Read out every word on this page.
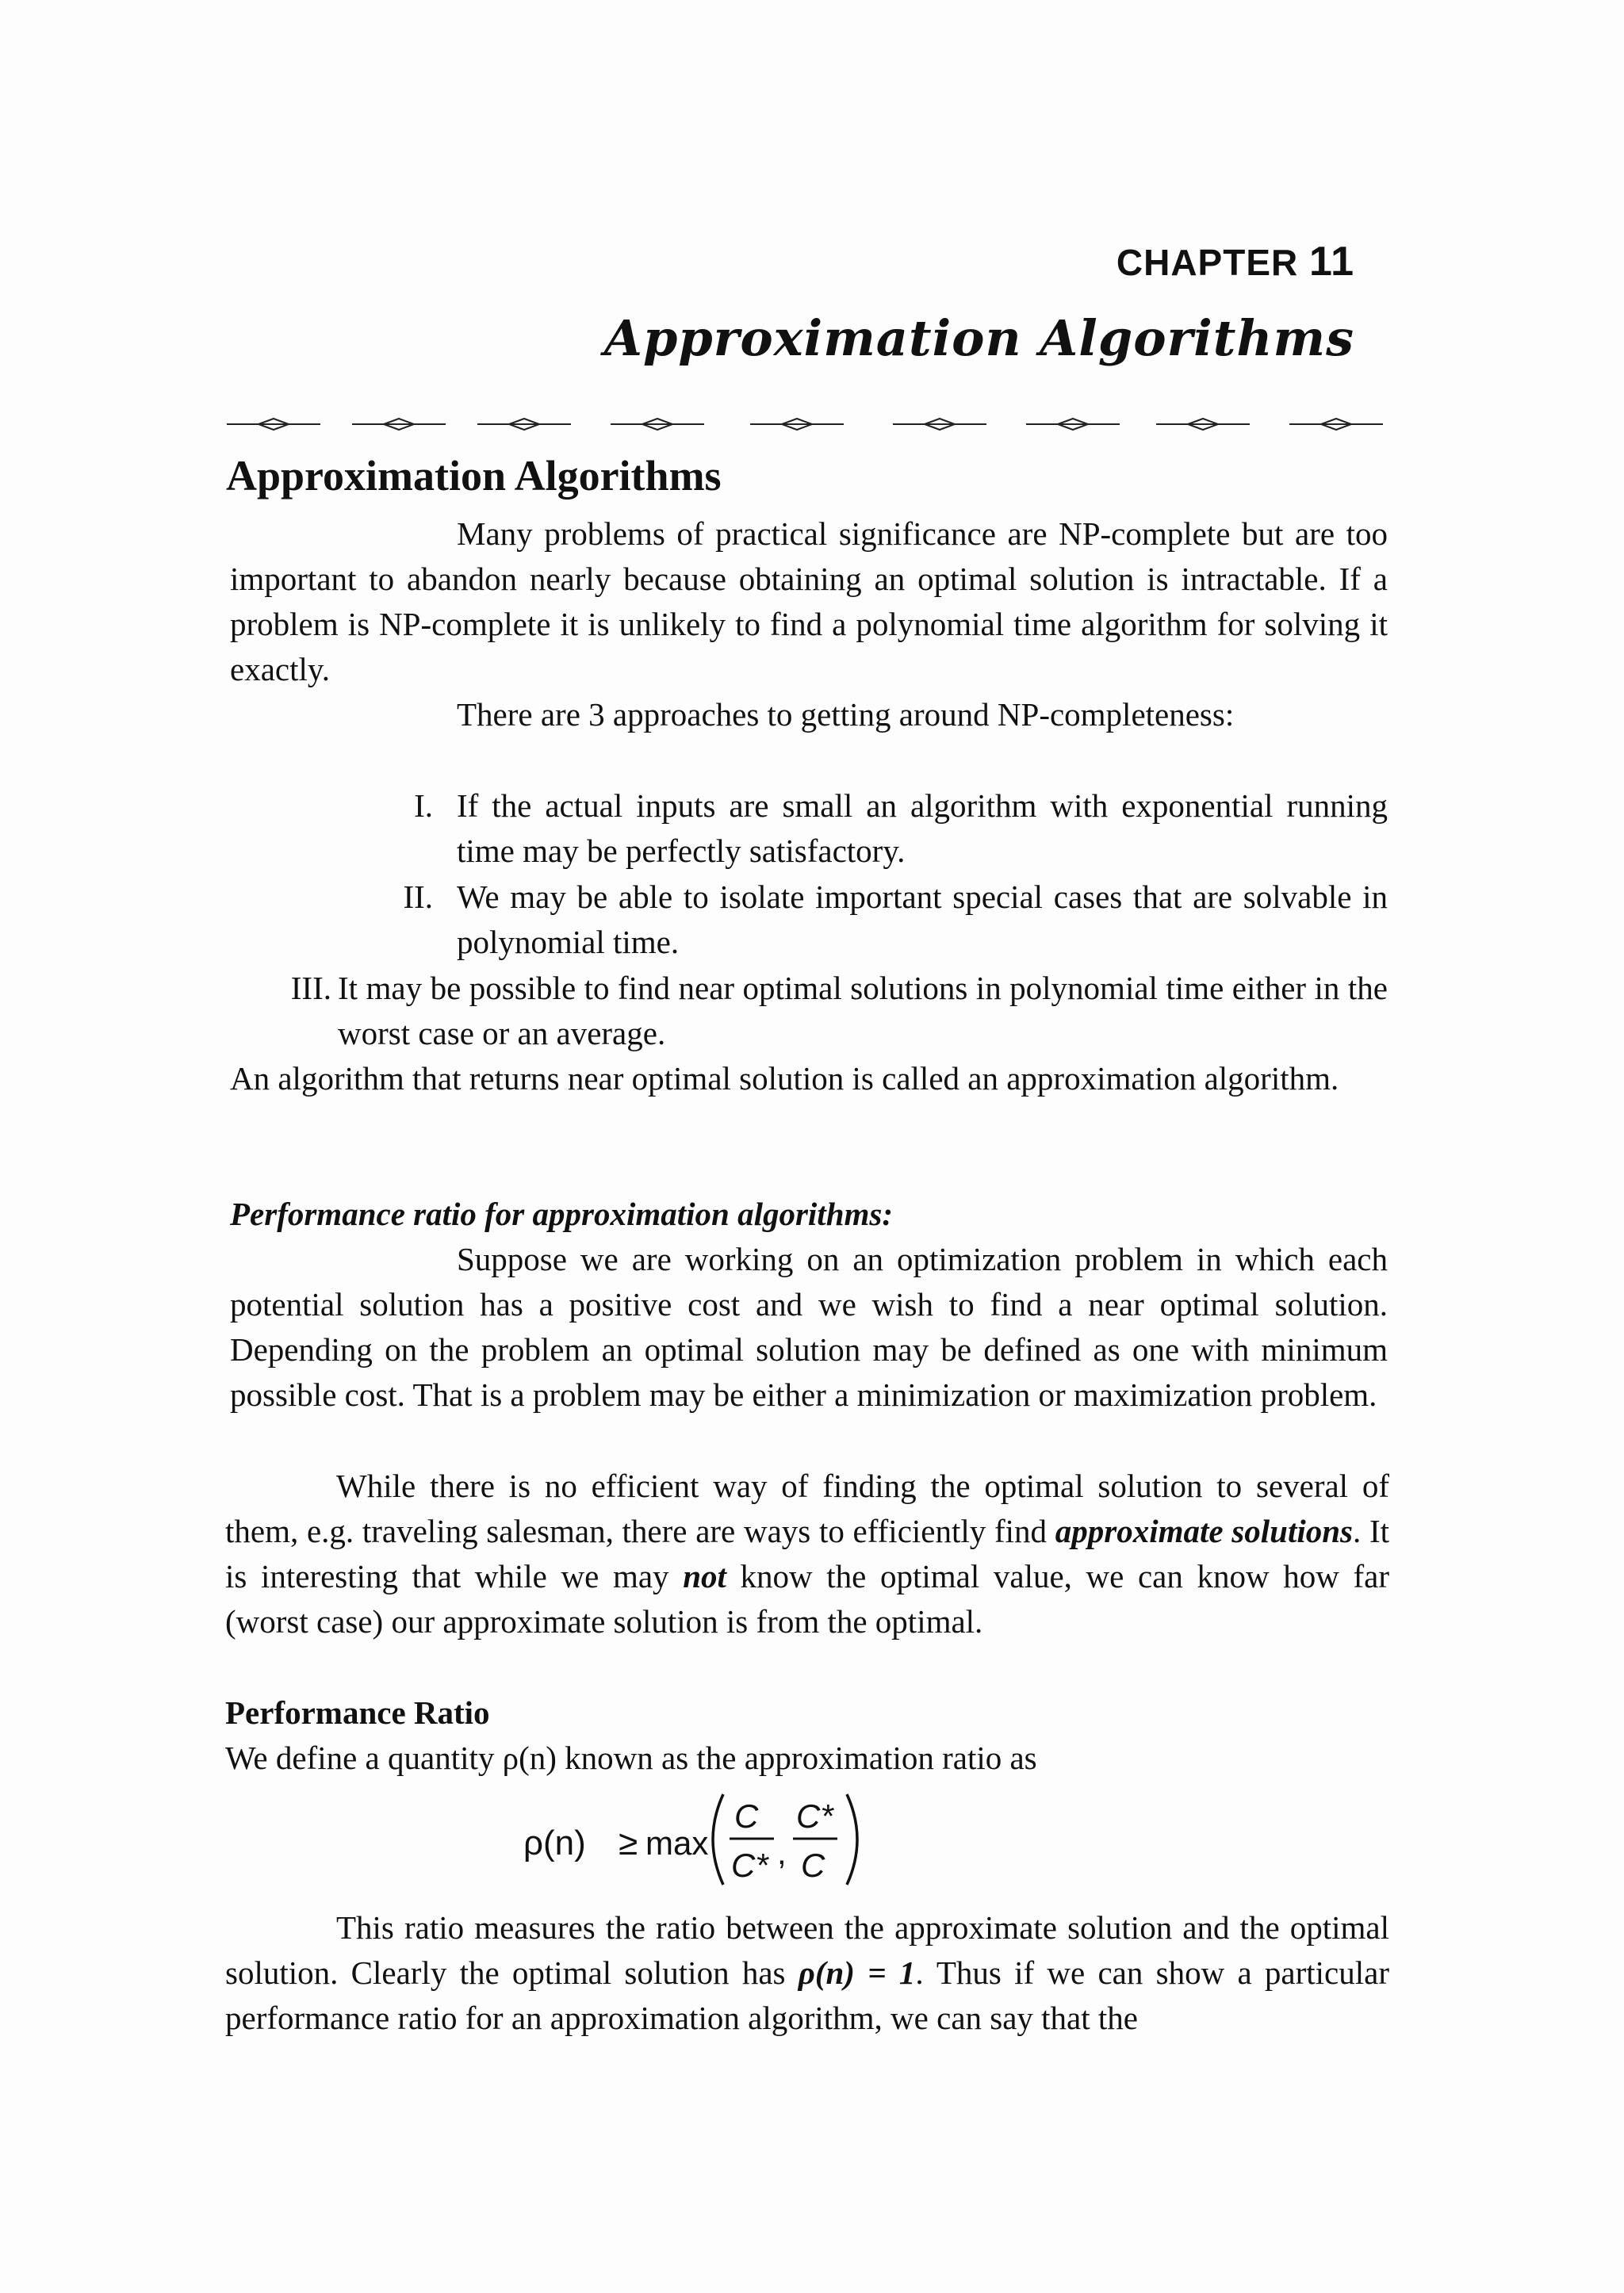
CHAPTER 11
Approximation Algorithms
Approximation Algorithms
Many problems of practical significance are NP-complete but are too important to abandon nearly because obtaining an optimal solution is intractable. If a problem is NP-complete it is unlikely to find a polynomial time algorithm for solving it exactly.
There are 3 approaches to getting around NP-completeness:
I. If the actual inputs are small an algorithm with exponential running time may be perfectly satisfactory.
II. We may be able to isolate important special cases that are solvable in polynomial time.
III. It may be possible to find near optimal solutions in polynomial time either in the worst case or an average.
An algorithm that returns near optimal solution is called an approximation algorithm.
Performance ratio for approximation algorithms:
Suppose we are working on an optimization problem in which each potential solution has a positive cost and we wish to find a near optimal solution. Depending on the problem an optimal solution may be defined as one with minimum possible cost. That is a problem may be either a minimization or maximization problem.
While there is no efficient way of finding the optimal solution to several of them, e.g. traveling salesman, there are ways to efficiently find approximate solutions. It is interesting that while we may not know the optimal value, we can know how far (worst case) our approximate solution is from the optimal.
Performance Ratio
We define a quantity ρ(n) known as the approximation ratio as
ρ(n) ≥ max
C
C* ,
C*
C
This ratio measures the ratio between the approximate solution and the optimal solution. Clearly the optimal solution has ρ(n) = 1. Thus if we can show a particular performance ratio for an approximation algorithm, we can say that the
